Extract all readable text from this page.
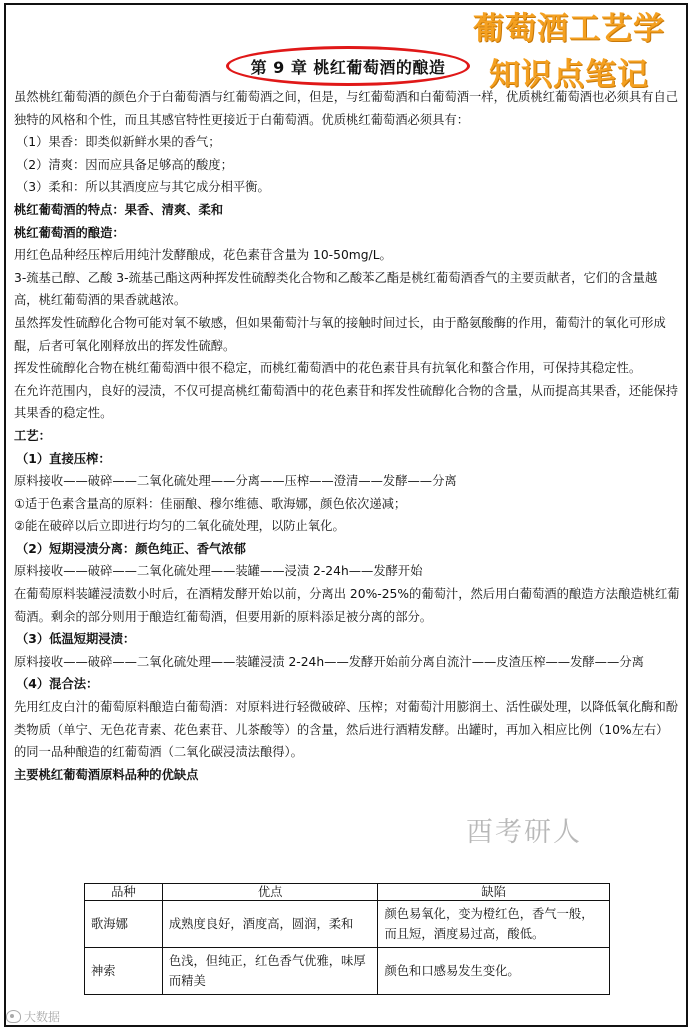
葡萄酒工艺学
知识点笔记
第 9 章 桃红葡萄酒的酿造

虽然桃红葡萄酒的颜色介于白葡萄酒与红葡萄酒之间，但是，与红葡萄酒和白葡萄酒一样，优质桃红葡萄酒也必须具有自己独特的风格和个性，而且其感官特性更接近于白葡萄酒。优质桃红葡萄酒必须具有：

（1）果香：即类似新鲜水果的香气；

（2）清爽：因而应具备足够高的酸度；

（3）柔和：所以其酒度应与其它成分相平衡。

桃红葡萄酒的特点：果香、清爽、柔和

桃红葡萄酒的酿造：

用红色品种经压榨后用纯汁发酵酿成，花色素苷含量为 10-50mg/L。

3-巯基己醇、乙酸 3-巯基己酯这两种挥发性硫醇类化合物和乙酸苯乙酯是桃红葡萄酒香气的主要贡献者，它们的含量越高，桃红葡萄酒的果香就越浓。

虽然挥发性硫醇化合物可能对氧不敏感，但如果葡萄汁与氧的接触时间过长，由于酪氨酸酶的作用，葡萄汁的氧化可形成醌，后者可氧化刚释放出的挥发性硫醇。

挥发性硫醇化合物在桃红葡萄酒中很不稳定，而桃红葡萄酒中的花色素苷具有抗氧化和螯合作用，可保持其稳定性。

在允许范围内，良好的浸渍，不仅可提高桃红葡萄酒中的花色素苷和挥发性硫醇化合物的含量，从而提高其果香，还能保持其果香的稳定性。

工艺：

（1）直接压榨：

原料接收——破碎——二氧化硫处理——分离——压榨——澄清——发酵——分离

①适于色素含量高的原料：佳丽酿、穆尔维德、歌海娜，颜色依次递减；

②能在破碎以后立即进行均匀的二氧化硫处理，以防止氧化。

（2）短期浸渍分离：颜色纯正、香气浓郁

原料接收——破碎——二氧化硫处理——装罐——浸渍 2-24h——发酵开始

在葡萄原料装罐浸渍数小时后，在酒精发酵开始以前，分离出 20%-25%的葡萄汁，然后用白葡萄酒的酿造方法酿造桃红葡萄酒。剩余的部分则用于酿造红葡萄酒，但要用新的原料添足被分离的部分。

（3）低温短期浸渍：

原料接收——破碎——二氧化硫处理——装罐浸渍 2-24h——发酵开始前分离自流汁——皮渣压榨——发酵——分离

（4）混合法：

先用红皮白汁的葡萄原料酿造白葡萄酒：对原料进行轻微破碎、压榨；对葡萄汁用膨润土、活性碳处理，以降低氧化酶和酚类物质（单宁、无色花青素、花色素苷、儿茶酸等）的含量，然后进行酒精发酵。出罐时，再加入相应比例（10%左右）的同一品种酿造的红葡萄酒（二氧化碳浸渍法酿得）。

主要桃红葡萄酒原料品种的优缺点

品种	优点	缺陷
歌海娜	成熟度良好，酒度高，圆润，柔和	颜色易氧化，变为橙红色，香气一般，而且短，酒度易过高，酸低。
神索	色浅，但纯正，红色香气优雅，味厚而精美	颜色和口感易发生变化。
酉考研人
大数据
